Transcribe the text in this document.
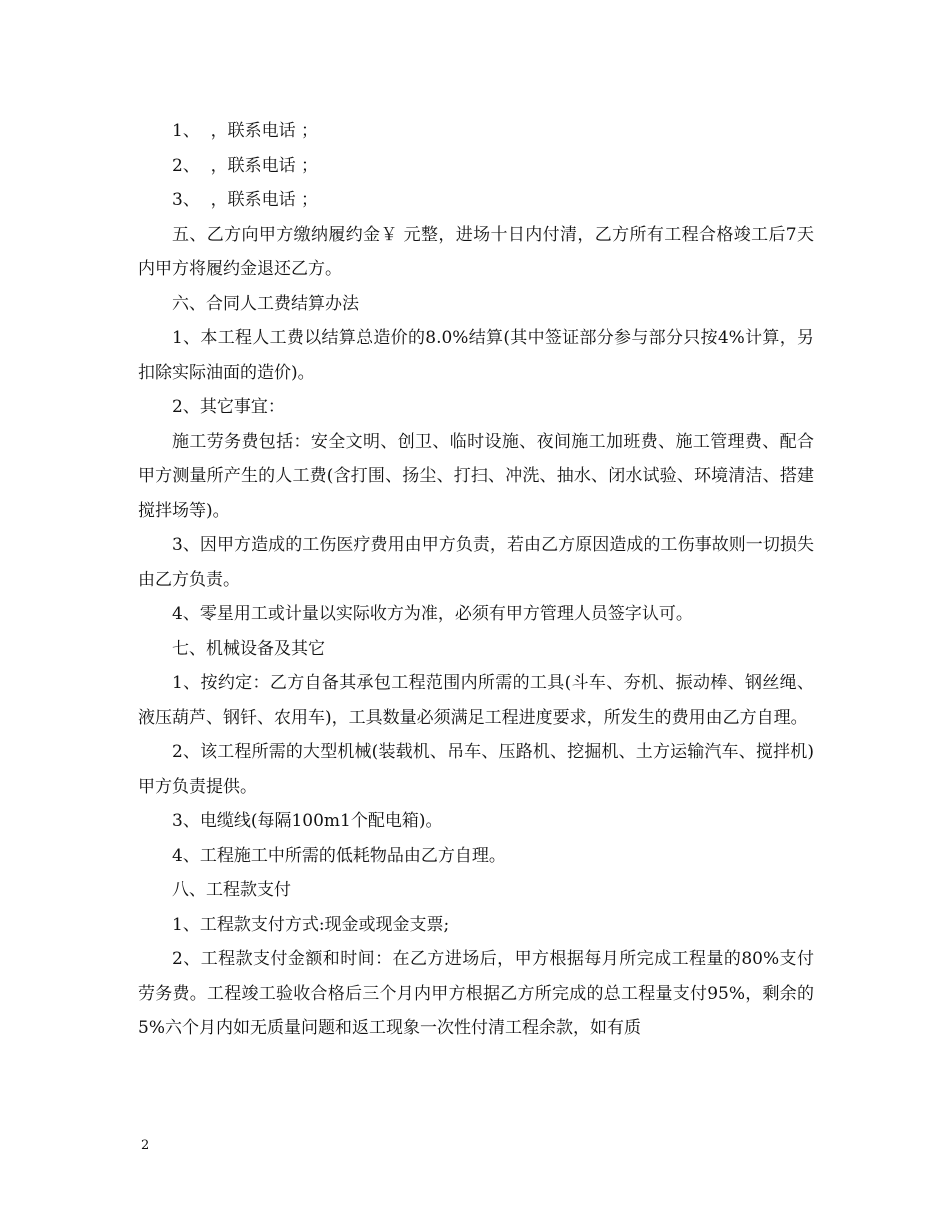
1、  ，联系电话 ；

2、  ，联系电话 ；

3、  ，联系电话 ；

五、乙方向甲方缴纳履约金￥ 元整，进场十日内付清，乙方所有工程合格竣工后7天内甲方将履约金退还乙方。

六、合同人工费结算办法

1、本工程人工费以结算总造价的8.0%结算(其中签证部分参与部分只按4%计算，另扣除实际油面的造价)。

2、其它事宜：

施工劳务费包括：安全文明、创卫、临时设施、夜间施工加班费、施工管理费、配合甲方测量所产生的人工费(含打围、扬尘、打扫、冲洗、抽水、闭水试验、环境清洁、搭建搅拌场等)。

3、因甲方造成的工伤医疗费用由甲方负责，若由乙方原因造成的工伤事故则一切损失由乙方负责。

4、零星用工或计量以实际收方为准，必须有甲方管理人员签字认可。

七、机械设备及其它

1、按约定：乙方自备其承包工程范围内所需的工具(斗车、夯机、振动棒、钢丝绳、液压葫芦、钢钎、农用车)，工具数量必须满足工程进度要求，所发生的费用由乙方自理。

2、该工程所需的大型机械(装载机、吊车、压路机、挖掘机、土方运输汽车、搅拌机)甲方负责提供。

3、电缆线(每隔100m1个配电箱)。

4、工程施工中所需的低耗物品由乙方自理。

八、工程款支付

1、工程款支付方式:现金或现金支票;

2、工程款支付金额和时间：在乙方进场后，甲方根据每月所完成工程量的80%支付劳务费。工程竣工验收合格后三个月内甲方根据乙方所完成的总工程量支付95%，剩余的5%六个月内如无质量问题和返工现象一次性付清工程余款，如有质

2
